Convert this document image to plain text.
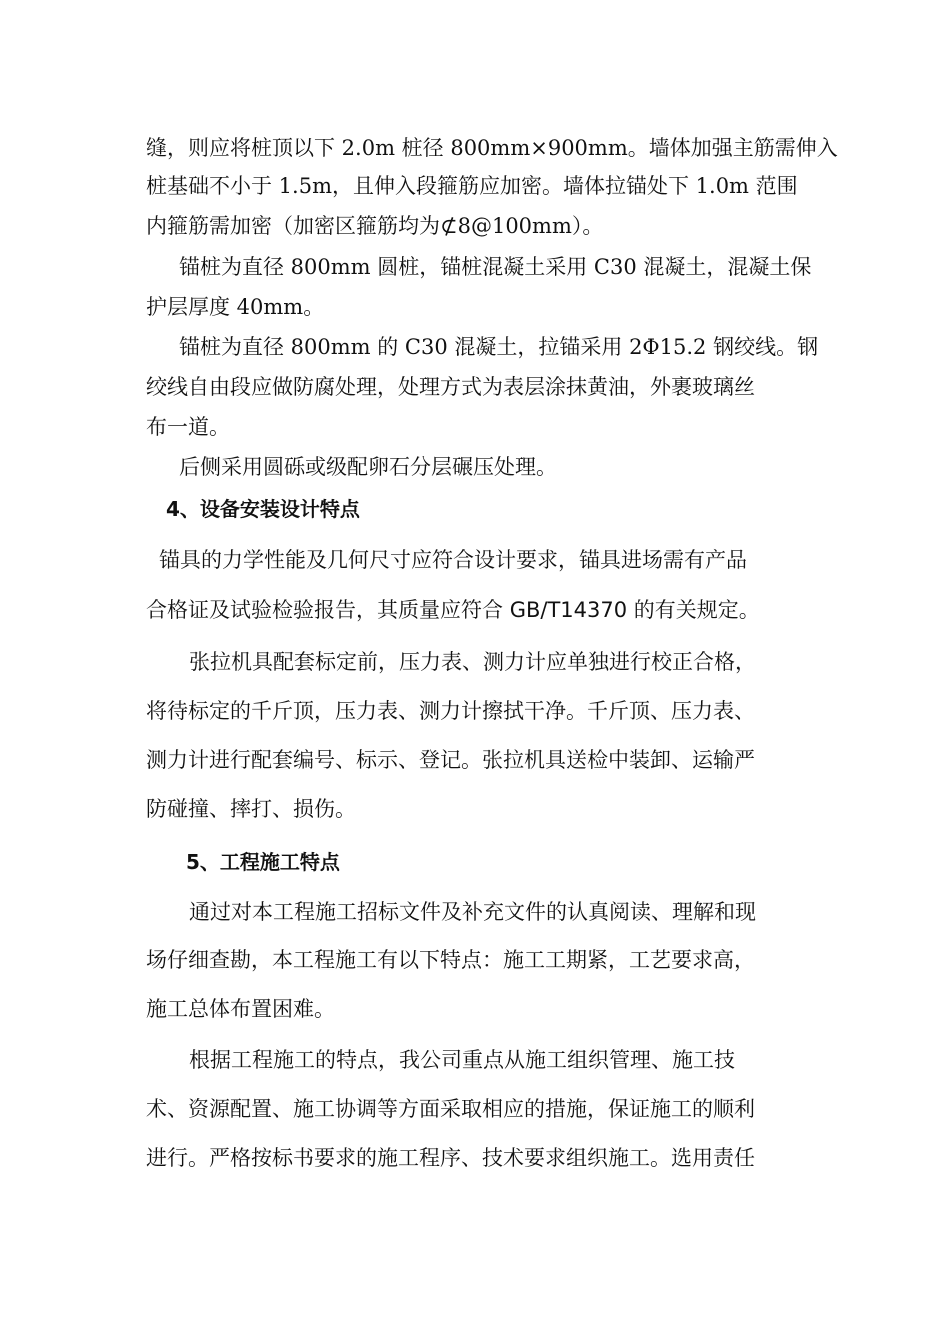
缝，则应将桩顶以下 2.0m 桩径 800mm×900mm。墙体加强主筋需伸入
桩基础不小于 1.5m，且伸入段箍筋应加密。墙体拉锚处下 1.0m 范围
内箍筋需加密（加密区箍筋均为⊄8@100mm）。
锚桩为直径 800mm 圆桩，锚桩混凝土采用 C30 混凝土，混凝土保
护层厚度 40mm。
锚桩为直径 800mm 的 C30 混凝土，拉锚采用 2Φ15.2 钢绞线。钢
绞线自由段应做防腐处理，处理方式为表层涂抹黄油，外裹玻璃丝
布一道。
后侧采用圆砾或级配卵石分层碾压处理。
4、设备安装设计特点
锚具的力学性能及几何尺寸应符合设计要求，锚具进场需有产品
合格证及试验检验报告，其质量应符合 GB/T14370 的有关规定。
张拉机具配套标定前，压力表、测力计应单独进行校正合格，
将待标定的千斤顶，压力表、测力计擦拭干净。千斤顶、压力表、
测力计进行配套编号、标示、登记。张拉机具送检中装卸、运输严
防碰撞、摔打、损伤。
5、工程施工特点
通过对本工程施工招标文件及补充文件的认真阅读、理解和现
场仔细查勘，本工程施工有以下特点：施工工期紧，工艺要求高，
施工总体布置困难。
根据工程施工的特点，我公司重点从施工组织管理、施工技
术、资源配置、施工协调等方面采取相应的措施，保证施工的顺利
进行。严格按标书要求的施工程序、技术要求组织施工。选用责任
